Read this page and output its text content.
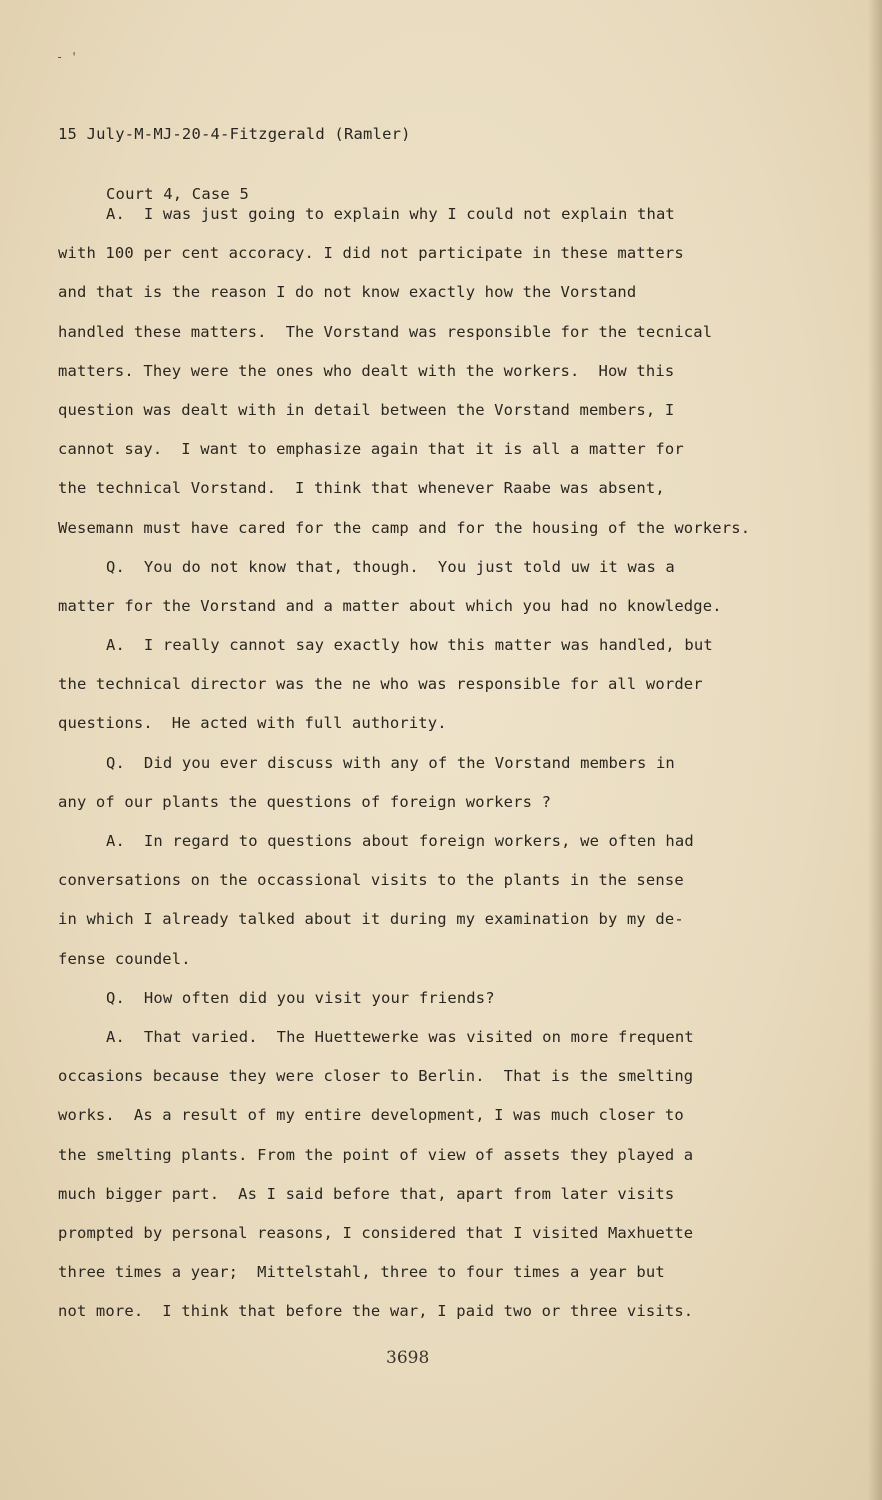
- '

15 July-M-MJ-20-4-Fitzgerald (Ramler)

Court 4, Case 5

A.  I was just going to explain why I could not explain that
with 100 per cent accoracy. I did not participate in these matters
and that is the reason I do not know exactly how the Vorstand
handled these matters.  The Vorstand was responsible for the tecnical
matters. They were the ones who dealt with the workers.  How this
question was dealt with in detail between the Vorstand members, I
cannot say.  I want to emphasize again that it is all a matter for
the technical Vorstand.  I think that whenever Raabe was absent,
Wesemann must have cared for the camp and for the housing of the workers.
Q.  You do not know that, though.  You just told uw it was a
matter for the Vorstand and a matter about which you had no knowledge.
A.  I really cannot say exactly how this matter was handled, but
the technical director was the ne who was responsible for all worder
questions.  He acted with full authority.
Q.  Did you ever discuss with any of the Vorstand members in
any of our plants the questions of foreign workers ?
A.  In regard to questions about foreign workers, we often had
conversations on the occassional visits to the plants in the sense
in which I already talked about it during my examination by my de-
fense coundel.
Q.  How often did you visit your friends?
A.  That varied.  The Huettewerke was visited on more frequent
occasions because they were closer to Berlin.  That is the smelting
works.  As a result of my entire development, I was much closer to
the smelting plants. From the point of view of assets they played a
much bigger part.  As I said before that, apart from later visits
prompted by personal reasons, I considered that I visited Maxhuette
three times a year;  Mittelstahl, three to four times a year but
not more.  I think that before the war, I paid two or three visits.
3698
